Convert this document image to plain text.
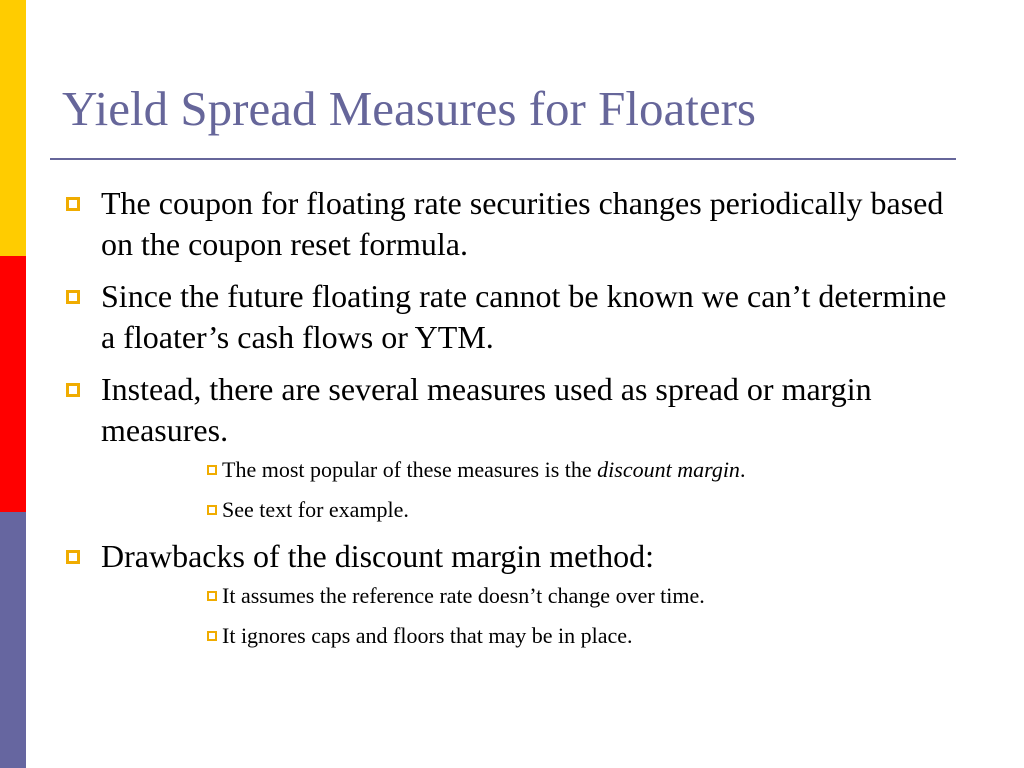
Yield Spread Measures for Floaters
The coupon for floating rate securities changes periodically based on the coupon reset formula.
Since the future floating rate cannot be known we can’t determine a floater’s cash flows or YTM.
Instead, there are several measures used as spread or margin measures.
The most popular of these measures is the discount margin.
See text for example.
Drawbacks of the discount margin method:
It assumes the reference rate doesn’t change over time.
It ignores caps and floors that may be in place.
